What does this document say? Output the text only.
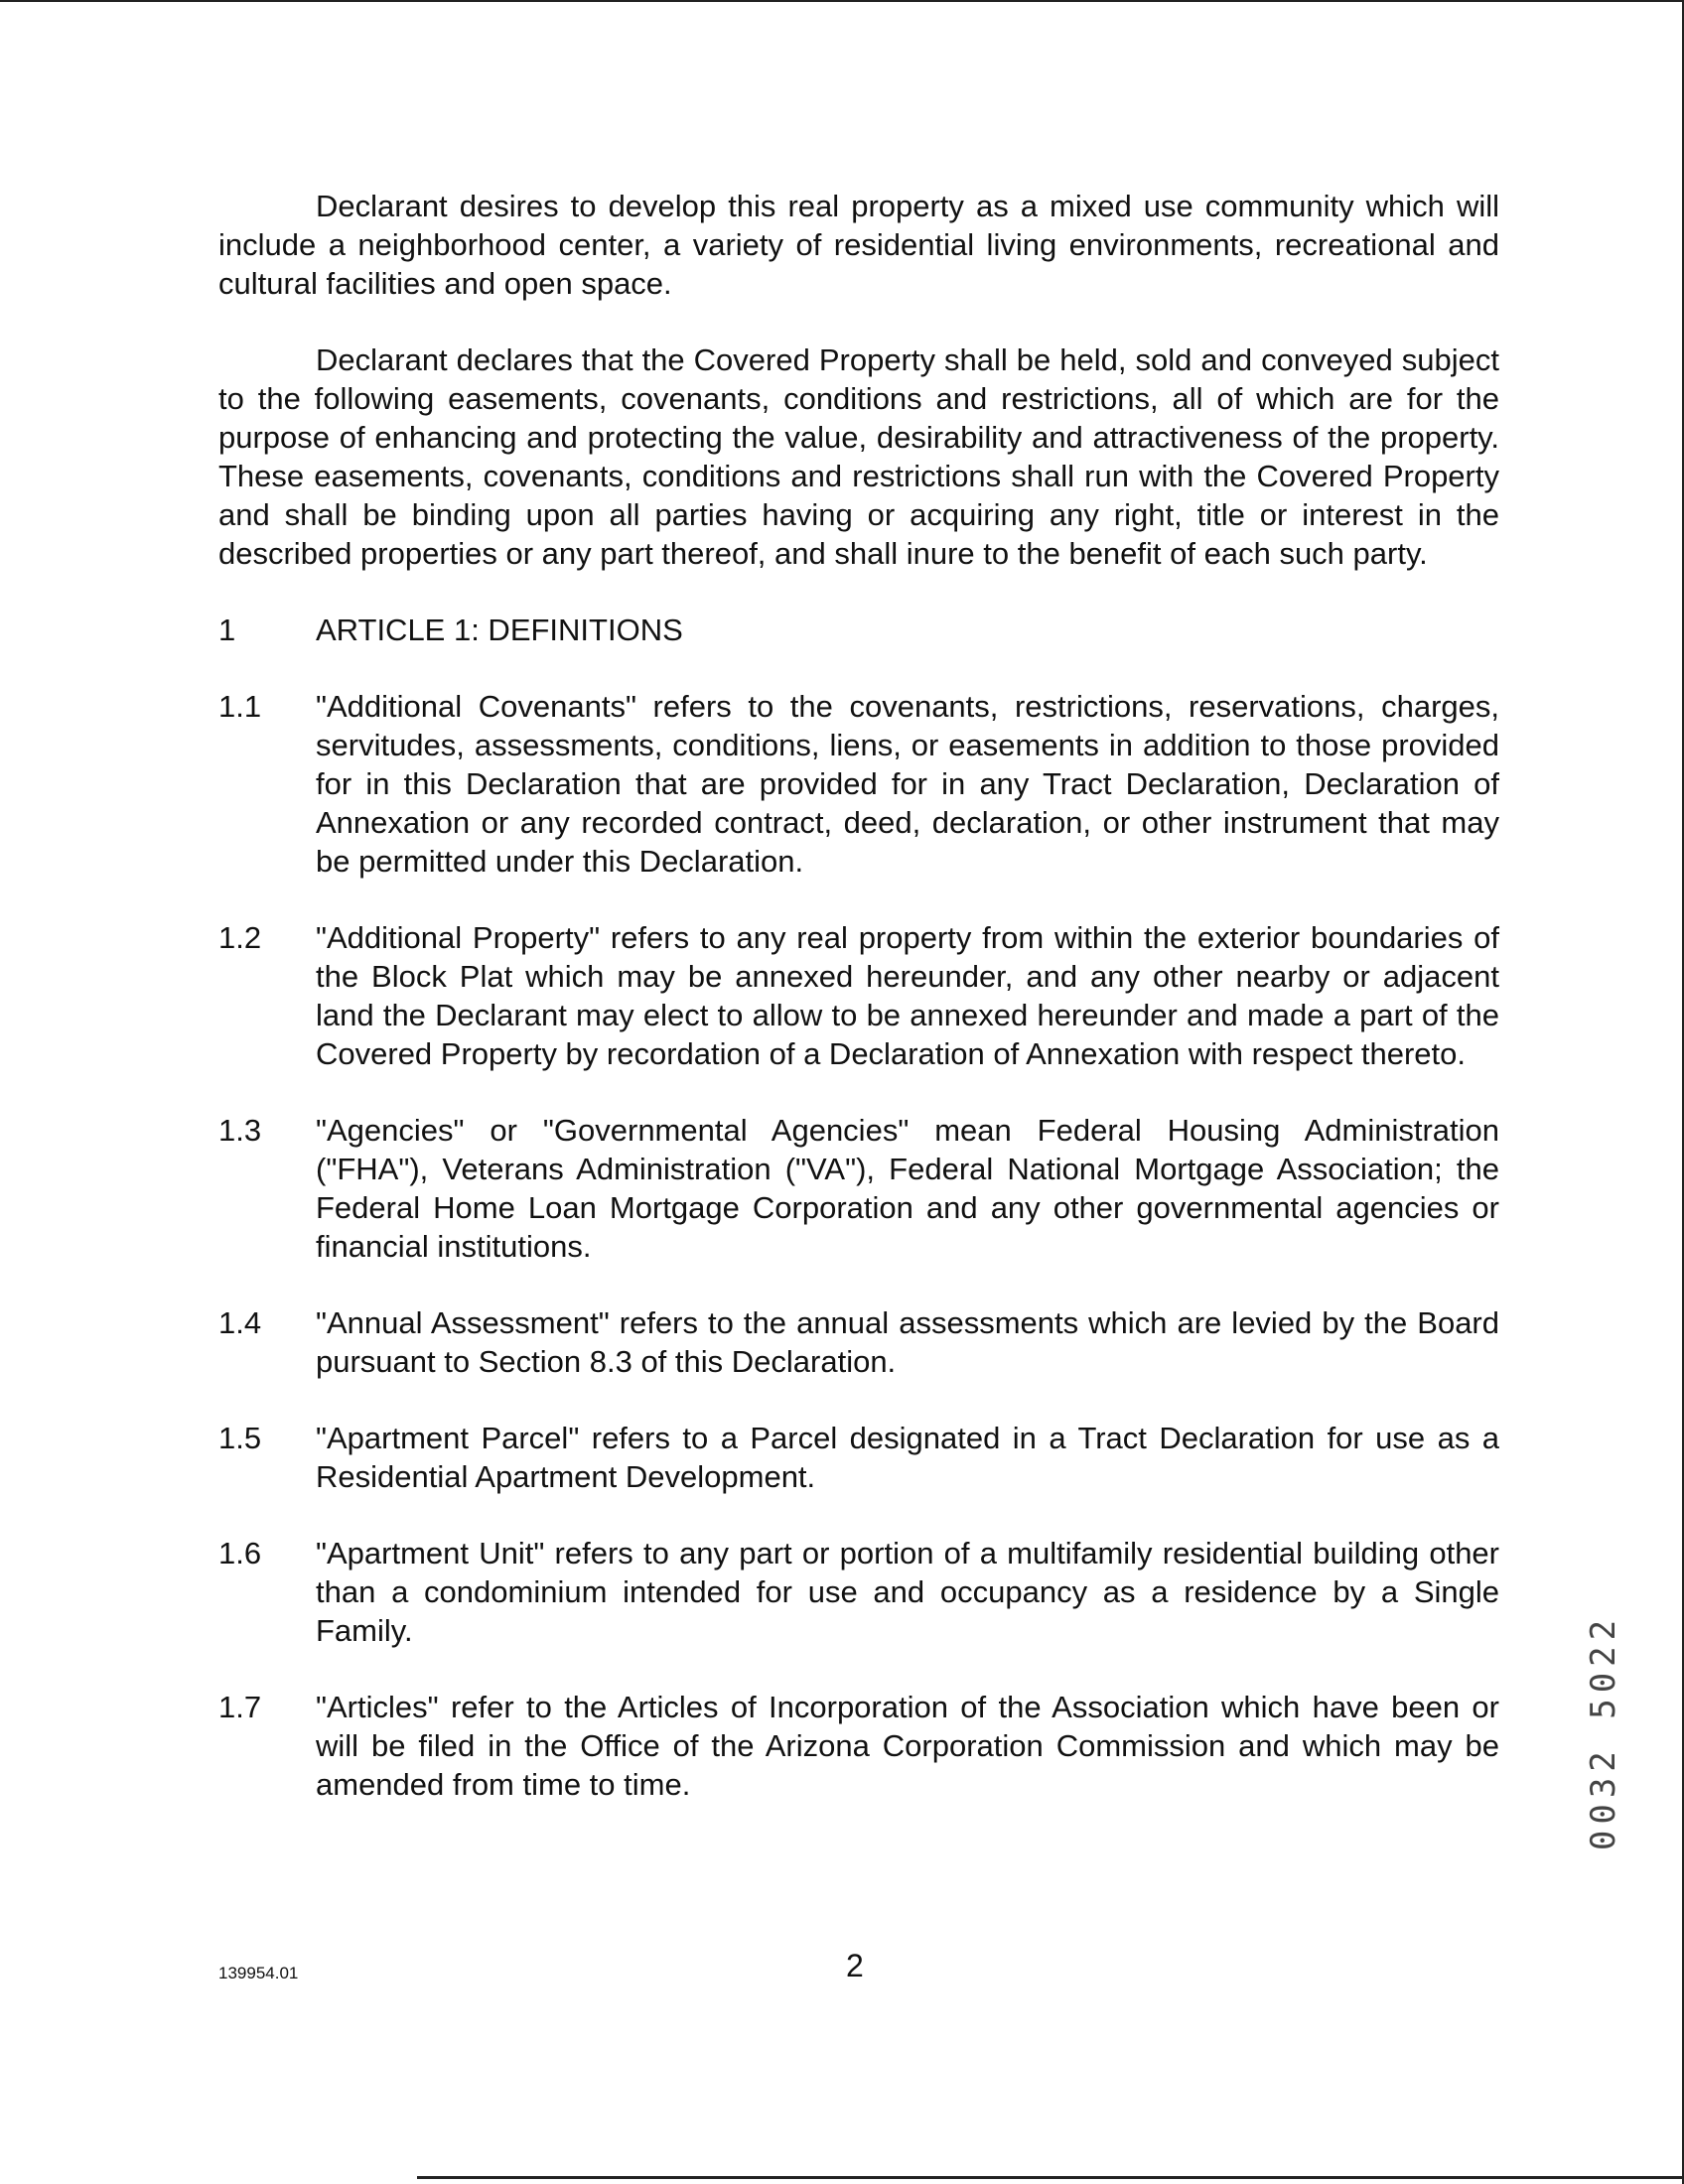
Declarant desires to develop this real property as a mixed use community which will include a neighborhood center, a variety of residential living environments, recreational and cultural facilities and open space.

Declarant declares that the Covered Property shall be held, sold and conveyed subject to the following easements, covenants, conditions and restrictions, all of which are for the purpose of enhancing and protecting the value, desirability and attractiveness of the property. These easements, covenants, conditions and restrictions shall run with the Covered Property and shall be binding upon all parties having or acquiring any right, title or interest in the described properties or any part thereof, and shall inure to the benefit of each such party.

1	ARTICLE 1: DEFINITIONS
1.1	"Additional Covenants" refers to the covenants, restrictions, reservations, charges, servitudes, assessments, conditions, liens, or easements in addition to those provided for in this Declaration that are provided for in any Tract Declaration, Declaration of Annexation or any recorded contract, deed, declaration, or other instrument that may be permitted under this Declaration.
1.2	"Additional Property" refers to any real property from within the exterior boundaries of the Block Plat which may be annexed hereunder, and any other nearby or adjacent land the Declarant may elect to allow to be annexed hereunder and made a part of the Covered Property by recordation of a Declaration of Annexation with respect thereto.
1.3	"Agencies" or "Governmental Agencies" mean Federal Housing Administration ("FHA"), Veterans Administration ("VA"), Federal National Mortgage Association; the Federal Home Loan Mortgage Corporation and any other governmental agencies or financial institutions.
1.4	"Annual Assessment" refers to the annual assessments which are levied by the Board pursuant to Section 8.3 of this Declaration.
1.5	"Apartment Parcel" refers to a Parcel designated in a Tract Declaration for use as a Residential Apartment Development.
1.6	"Apartment Unit" refers to any part or portion of a multifamily residential building other than a condominium intended for use and occupancy as a residence by a Single Family.
1.7	"Articles" refer to the Articles of Incorporation of the Association which have been or will be filed in the Office of the Arizona Corporation Commission and which may be amended from time to time.	0032 5022
139954.01	2
